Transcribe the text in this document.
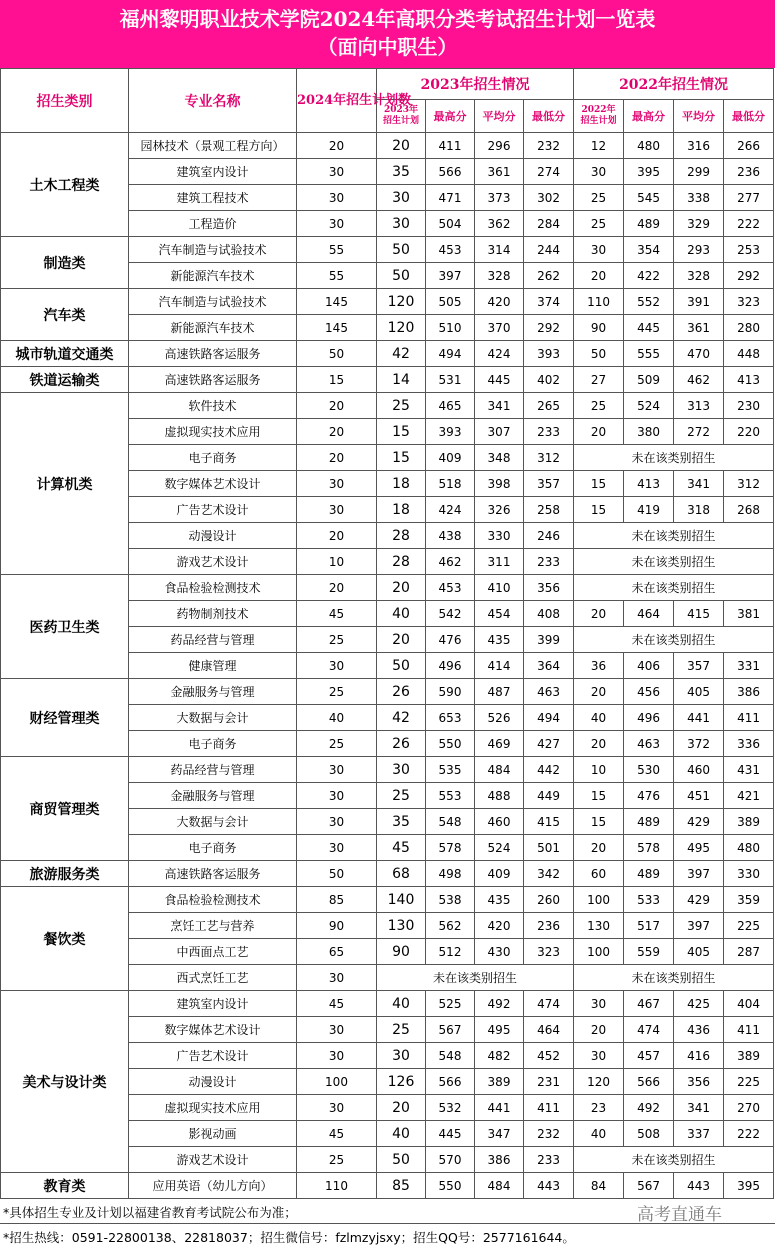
福州黎明职业技术学院2024年高职分类考试招生计划一览表
（面向中职生）
招生类别	专业名称	2024年招生计划数	2023年招生情况				2022年招生情况			
			2023年招生计划	最高分	平均分	最低分	2022年招生计划	最高分	平均分	最低分
土木工程类	园林技术（景观工程方向）	20	20	411	296	232	12	480	316	266
	建筑室内设计	30	35	566	361	274	30	395	299	236
	建筑工程技术	30	30	471	373	302	25	545	338	277
	工程造价	30	30	504	362	284	25	489	329	222
制造类	汽车制造与试验技术	55	50	453	314	244	30	354	293	253
	新能源汽车技术	55	50	397	328	262	20	422	328	292
汽车类	汽车制造与试验技术	145	120	505	420	374	110	552	391	323
	新能源汽车技术	145	120	510	370	292	90	445	361	280
城市轨道交通类	高速铁路客运服务	50	42	494	424	393	50	555	470	448
铁道运输类	高速铁路客运服务	15	14	531	445	402	27	509	462	413
计算机类	软件技术	20	25	465	341	265	25	524	313	230
	虚拟现实技术应用	20	15	393	307	233	20	380	272	220
	电子商务	20	15	409	348	312	未在该类别招生			
	数字媒体艺术设计	30	18	518	398	357	15	413	341	312
	广告艺术设计	30	18	424	326	258	15	419	318	268
	动漫设计	20	28	438	330	246	未在该类别招生			
	游戏艺术设计	10	28	462	311	233	未在该类别招生			
医药卫生类	食品检验检测技术	20	20	453	410	356	未在该类别招生			
	药物制剂技术	45	40	542	454	408	20	464	415	381
	药品经营与管理	25	20	476	435	399	未在该类别招生			
	健康管理	30	50	496	414	364	36	406	357	331
财经管理类	金融服务与管理	25	26	590	487	463	20	456	405	386
	大数据与会计	40	42	653	526	494	40	496	441	411
	电子商务	25	26	550	469	427	20	463	372	336
商贸管理类	药品经营与管理	30	30	535	484	442	10	530	460	431
	金融服务与管理	30	25	553	488	449	15	476	451	421
	大数据与会计	30	35	548	460	415	15	489	429	389
	电子商务	30	45	578	524	501	20	578	495	480
旅游服务类	高速铁路客运服务	50	68	498	409	342	60	489	397	330
餐饮类	食品检验检测技术	85	140	538	435	260	100	533	429	359
	烹饪工艺与营养	90	130	562	420	236	130	517	397	225
	中西面点工艺	65	90	512	430	323	100	559	405	287
	西式烹饪工艺	30	未在该类别招生				未在该类别招生			
美术与设计类	建筑室内设计	45	40	525	492	474	30	467	425	404
	数字媒体艺术设计	30	25	567	495	464	20	474	436	411
	广告艺术设计	30	30	548	482	452	30	457	416	389
	动漫设计	100	126	566	389	231	120	566	356	225
	虚拟现实技术应用	30	20	532	441	411	23	492	341	270
	影视动画	45	40	445	347	232	40	508	337	222
	游戏艺术设计	25	50	570	386	233	未在该类别招生			
教育类	应用英语（幼儿方向）	110	85	550	484	443	84	567	443	395
*具体招生专业及计划以福建省教育考试院公布为准；
*招生热线：0591-22800138、22818037；招生微信号：fzlmzyjsxy；招生QQ号：2577161644。
高考直通车
